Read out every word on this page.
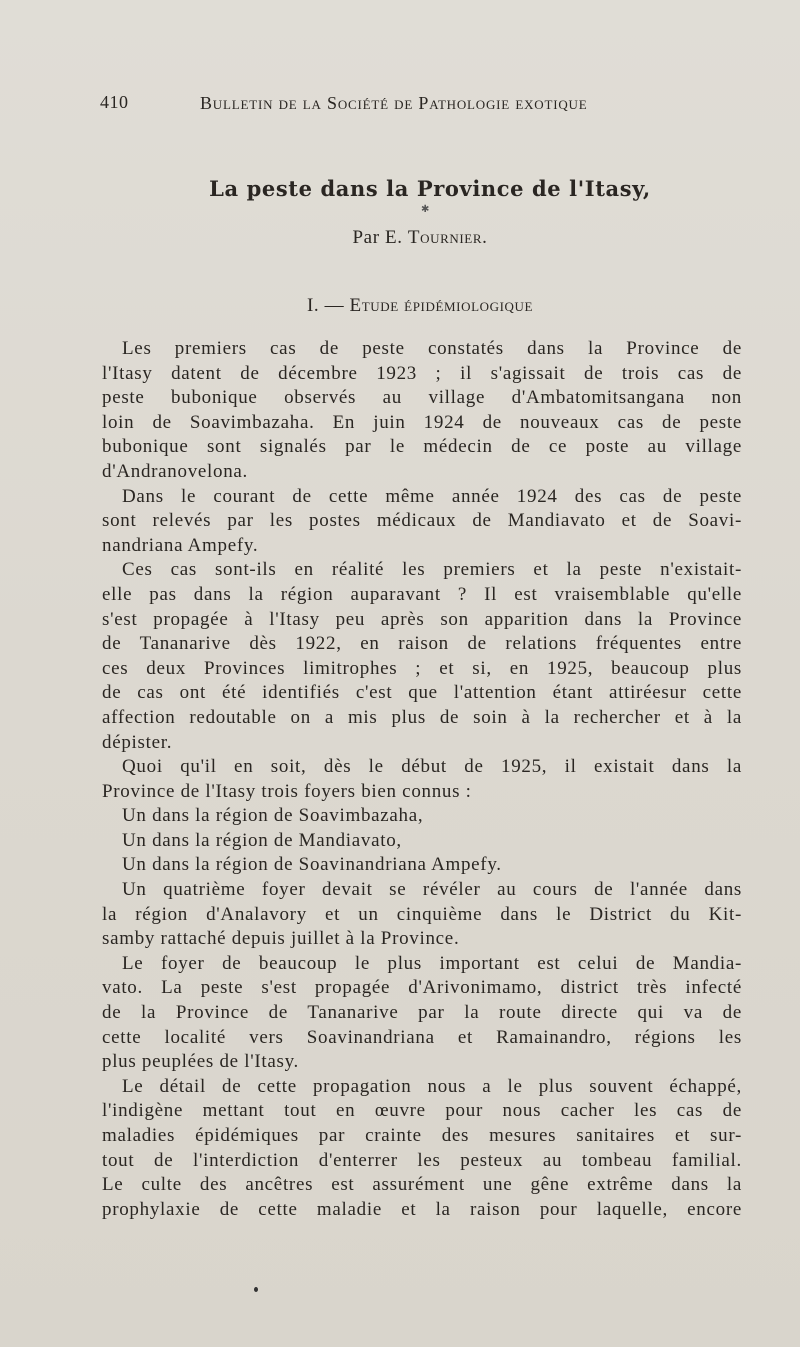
410	Bulletin de la Société de Pathologie exotique
La peste dans la Province de l'Itasy,
✱
Par E. Tournier.
I. — Etude épidémiologique
Les premiers cas de peste constatés dans la Province de
l'Itasy datent de décembre 1923 ; il s'agissait de trois cas de
peste bubonique observés au village d'Ambatomitsangana non
loin de Soavimbazaha. En juin 1924 de nouveaux cas de peste
bubonique sont signalés par le médecin de ce poste au village
d'Andranovelona.
Dans le courant de cette même année 1924 des cas de peste
sont relevés par les postes médicaux de Mandiavato et de Soavi-
nandriana Ampefy.
Ces cas sont-ils en réalité les premiers et la peste n'existait-
elle pas dans la région auparavant ? Il est vraisemblable qu'elle
s'est propagée à l'Itasy peu après son apparition dans la Province
de Tananarive dès 1922, en raison de relations fréquentes entre
ces deux Provinces limitrophes ; et si, en 1925, beaucoup plus
de cas ont été identifiés c'est que l'attention étant attiréesur cette
affection redoutable on a mis plus de soin à la rechercher et à la
dépister.
Quoi qu'il en soit, dès le début de 1925, il existait dans la
Province de l'Itasy trois foyers bien connus :
Un dans la région de Soavimbazaha,
Un dans la région de Mandiavato,
Un dans la région de Soavinandriana Ampefy.
Un quatrième foyer devait se révéler au cours de l'année dans
la région d'Analavory et un cinquième dans le District du Kit-
samby rattaché depuis juillet à la Province.
Le foyer de beaucoup le plus important est celui de Mandia-
vato. La peste s'est propagée d'Arivonimamo, district très infecté
de la Province de Tananarive par la route directe qui va de
cette localité vers Soavinandriana et Ramainandro, régions les
plus peuplées de l'Itasy.
Le détail de cette propagation nous a le plus souvent échappé,
l'indigène mettant tout en œuvre pour nous cacher les cas de
maladies épidémiques par crainte des mesures sanitaires et sur-
tout de l'interdiction d'enterrer les pesteux au tombeau familial.
Le culte des ancêtres est assurément une gêne extrême dans la
prophylaxie de cette maladie et la raison pour laquelle, encore
